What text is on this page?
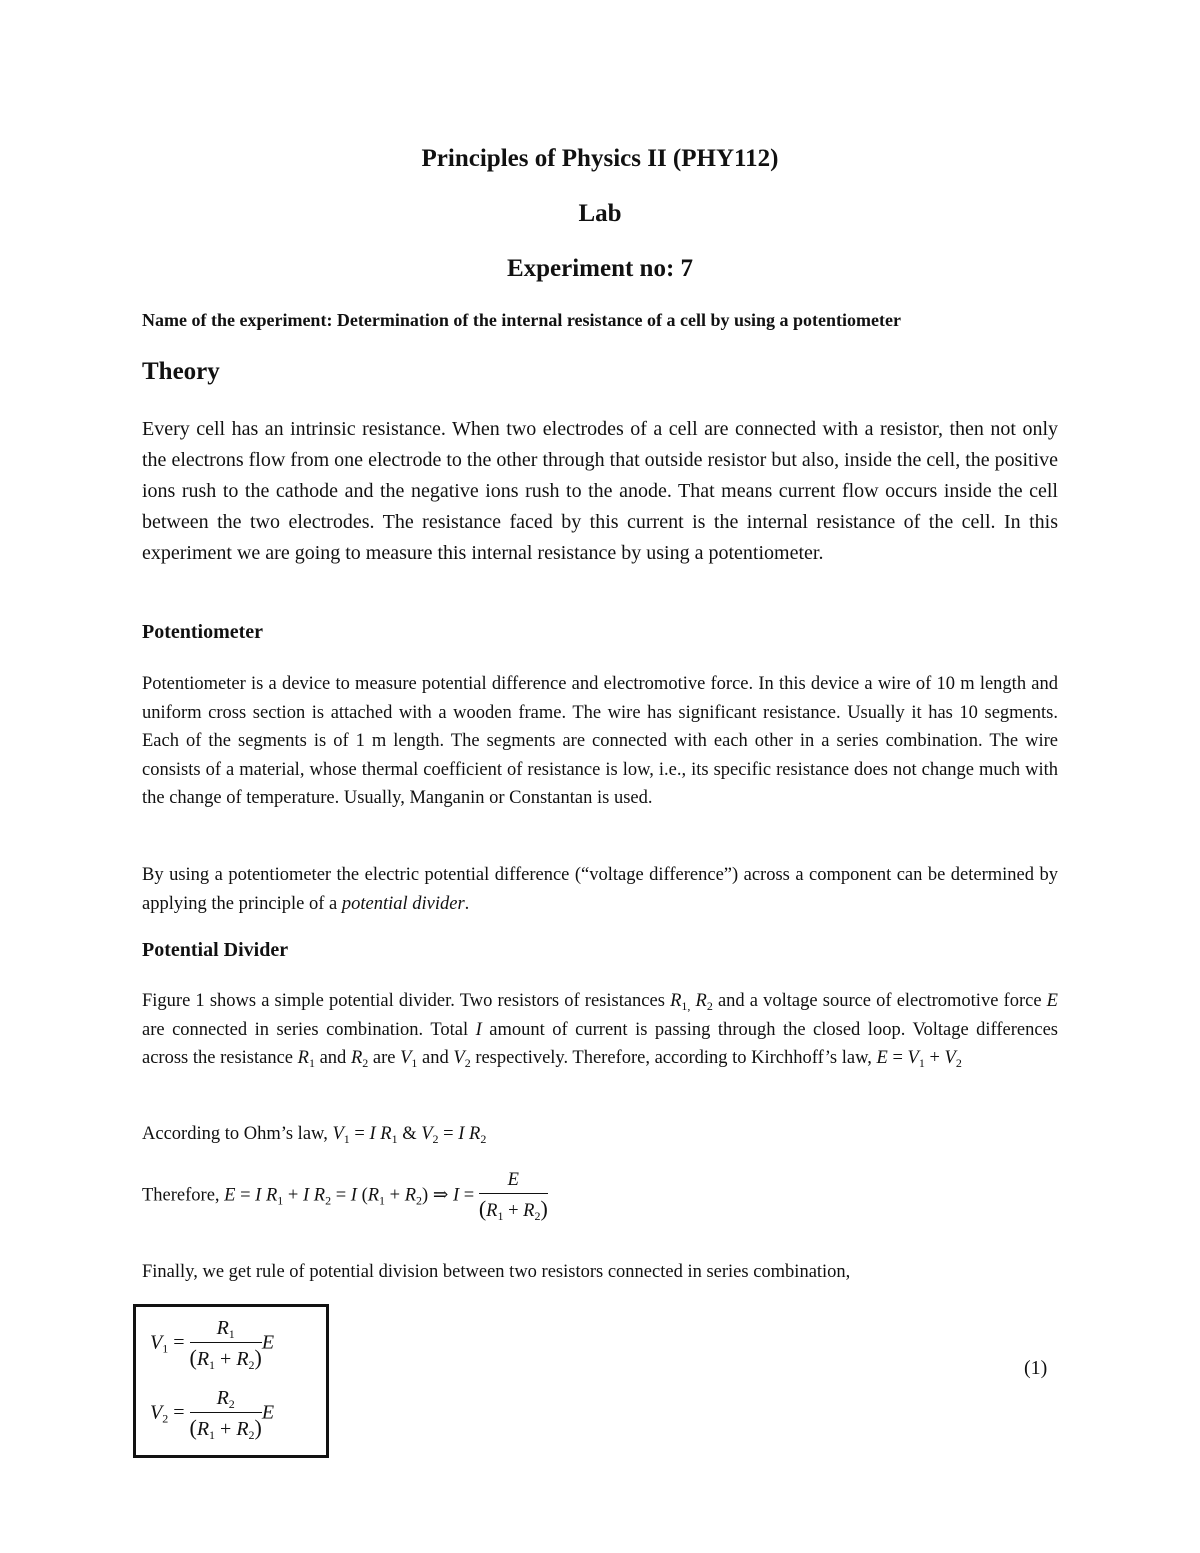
Principles of Physics II (PHY112)
Lab
Experiment no: 7
Name of the experiment: Determination of the internal resistance of a cell by using a potentiometer
Theory
Every cell has an intrinsic resistance. When two electrodes of a cell are connected with a resistor, then not only the electrons flow from one electrode to the other through that outside resistor but also, inside the cell, the positive ions rush to the cathode and the negative ions rush to the anode. That means current flow occurs inside the cell between the two electrodes. The resistance faced by this current is the internal resistance of the cell. In this experiment we are going to measure this internal resistance by using a potentiometer.
Potentiometer
Potentiometer is a device to measure potential difference and electromotive force. In this device a wire of 10 m length and uniform cross section is attached with a wooden frame. The wire has significant resistance. Usually it has 10 segments. Each of the segments is of 1 m length. The segments are connected with each other in a series combination. The wire consists of a material, whose thermal coefficient of resistance is low, i.e., its specific resistance does not change much with the change of temperature. Usually, Manganin or Constantan is used.
By using a potentiometer the electric potential difference (“voltage difference”) across a component can be determined by applying the principle of a potential divider.
Potential Divider
Figure 1 shows a simple potential divider. Two resistors of resistances $R_{1,}$ $R_2$ and a voltage source of electromotive force E are connected in series combination. Total I amount of current is passing through the closed loop. Voltage differences across the resistance $R_1$ and $R_2$ are $V_1$ and $V_2$ respectively. Therefore, according to Kirchhoff’s law, $E = V_1 + V_2$
According to Ohm’s law, $V_1 = I$ $R_1$ & $V_2 = I$ $R_2$
Therefore, E = I $R_1 + I$ $R_2 = I$ $(R_1 + R_2)$ ⇒ $I = \frac{E}{(R_1 + R_2)}$
Finally, we get rule of potential division between two resistors connected in series combination,
$V_1 = \frac{R_1}{(R_1 + R_2)}$ E
$V_2 = \frac{R_2}{(R_1 + R_2)}$ E
(1)
